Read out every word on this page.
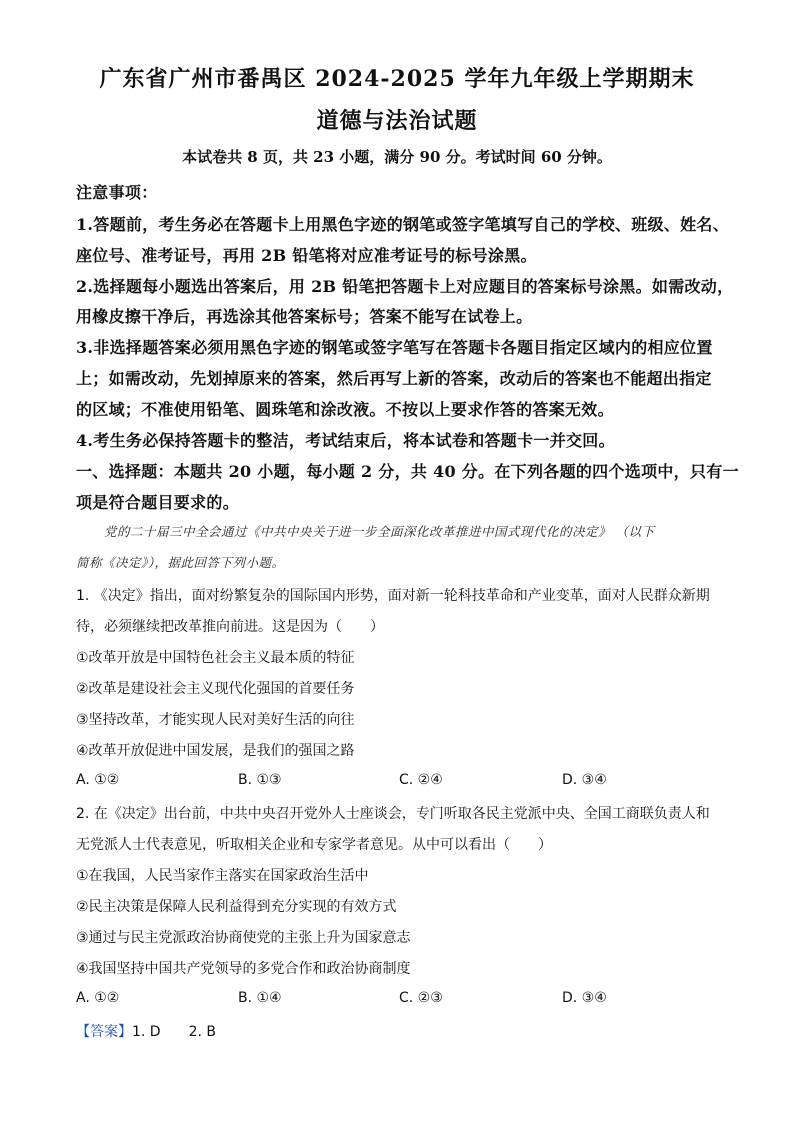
广东省广州市番禺区 2024-2025 学年九年级上学期期末
道德与法治试题
本试卷共 8 页，共 23 小题，满分 90 分。考试时间 60 分钟。
注意事项：
1.答题前，考生务必在答题卡上用黑色字迹的钢笔或签字笔填写自己的学校、班级、姓名、
座位号、准考证号，再用 2B 铅笔将对应准考证号的标号涂黑。
2.选择题每小题选出答案后，用 2B 铅笔把答题卡上对应题目的答案标号涂黑。如需改动，
用橡皮擦干净后，再选涂其他答案标号；答案不能写在试卷上。
3.非选择题答案必须用黑色字迹的钢笔或签字笔写在答题卡各题目指定区域内的相应位置
上；如需改动，先划掉原来的答案，然后再写上新的答案，改动后的答案也不能超出指定
的区域；不准使用铅笔、圆珠笔和涂改液。不按以上要求作答的答案无效。
4.考生务必保持答题卡的整洁，考试结束后，将本试卷和答题卡一并交回。
一、选择题：本题共 20 小题，每小题 2 分，共 40 分。在下列各题的四个选项中，只有一
项是符合题目要求的。
党的二十届三中全会通过《中共中央关于进一步全面深化改革推进中国式现代化的决定》 （以下
简称《决定》），据此回答下列小题。
1. 《决定》指出，面对纷繁复杂的国际国内形势，面对新一轮科技革命和产业变革，面对人民群众新期
待，必须继续把改革推向前进。这是因为（　　）
①改革开放是中国特色社会主义最本质的特征
②改革是建设社会主义现代化强国的首要任务
③坚持改革，才能实现人民对美好生活的向往
④改革开放促进中国发展，是我们的强国之路
A. ①②	B. ①③	C. ②④	D. ③④
2. 在《决定》出台前，中共中央召开党外人士座谈会，专门听取各民主党派中央、全国工商联负责人和
无党派人士代表意见，听取相关企业和专家学者意见。从中可以看出（　　）
①在我国，人民当家作主落实在国家政治生活中
②民主决策是保障人民利益得到充分实现的有效方式
③通过与民主党派政治协商使党的主张上升为国家意志
④我国坚持中国共产党领导的多党合作和政治协商制度
A. ①②	B. ①④	C. ②③	D. ③④
【答案】1. D　　2. B
